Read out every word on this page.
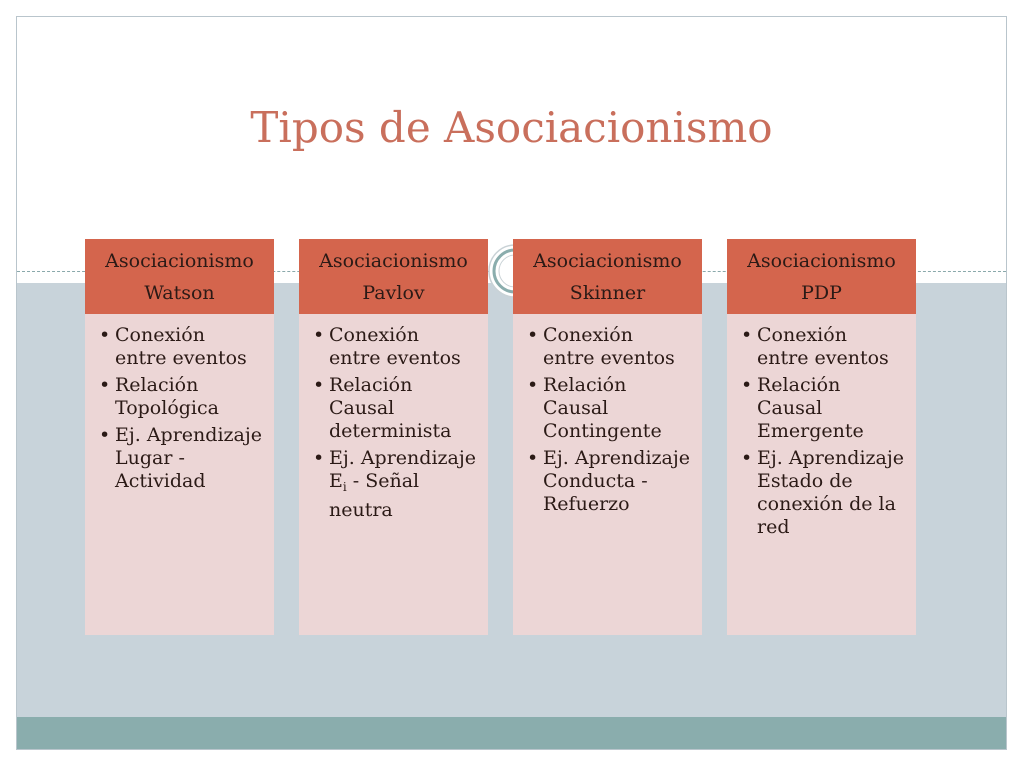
Tipos de Asociacionismo
Asociacionismo
Watson
• Conexión entre eventos
• Relación Topológica
• Ej. Aprendizaje Lugar - Actividad
Asociacionismo
Pavlov
• Conexión entre eventos
• Relación Causal determinista
• Ej. Aprendizaje $E_i$ - Señal neutra
Asociacionismo
Skinner
• Conexión entre eventos
• Relación Causal Contingente
• Ej. Aprendizaje Conducta - Refuerzo
Asociacionismo
PDP
• Conexión entre eventos
• Relación Causal Emergente
• Ej. Aprendizaje Estado de conexión de la red
